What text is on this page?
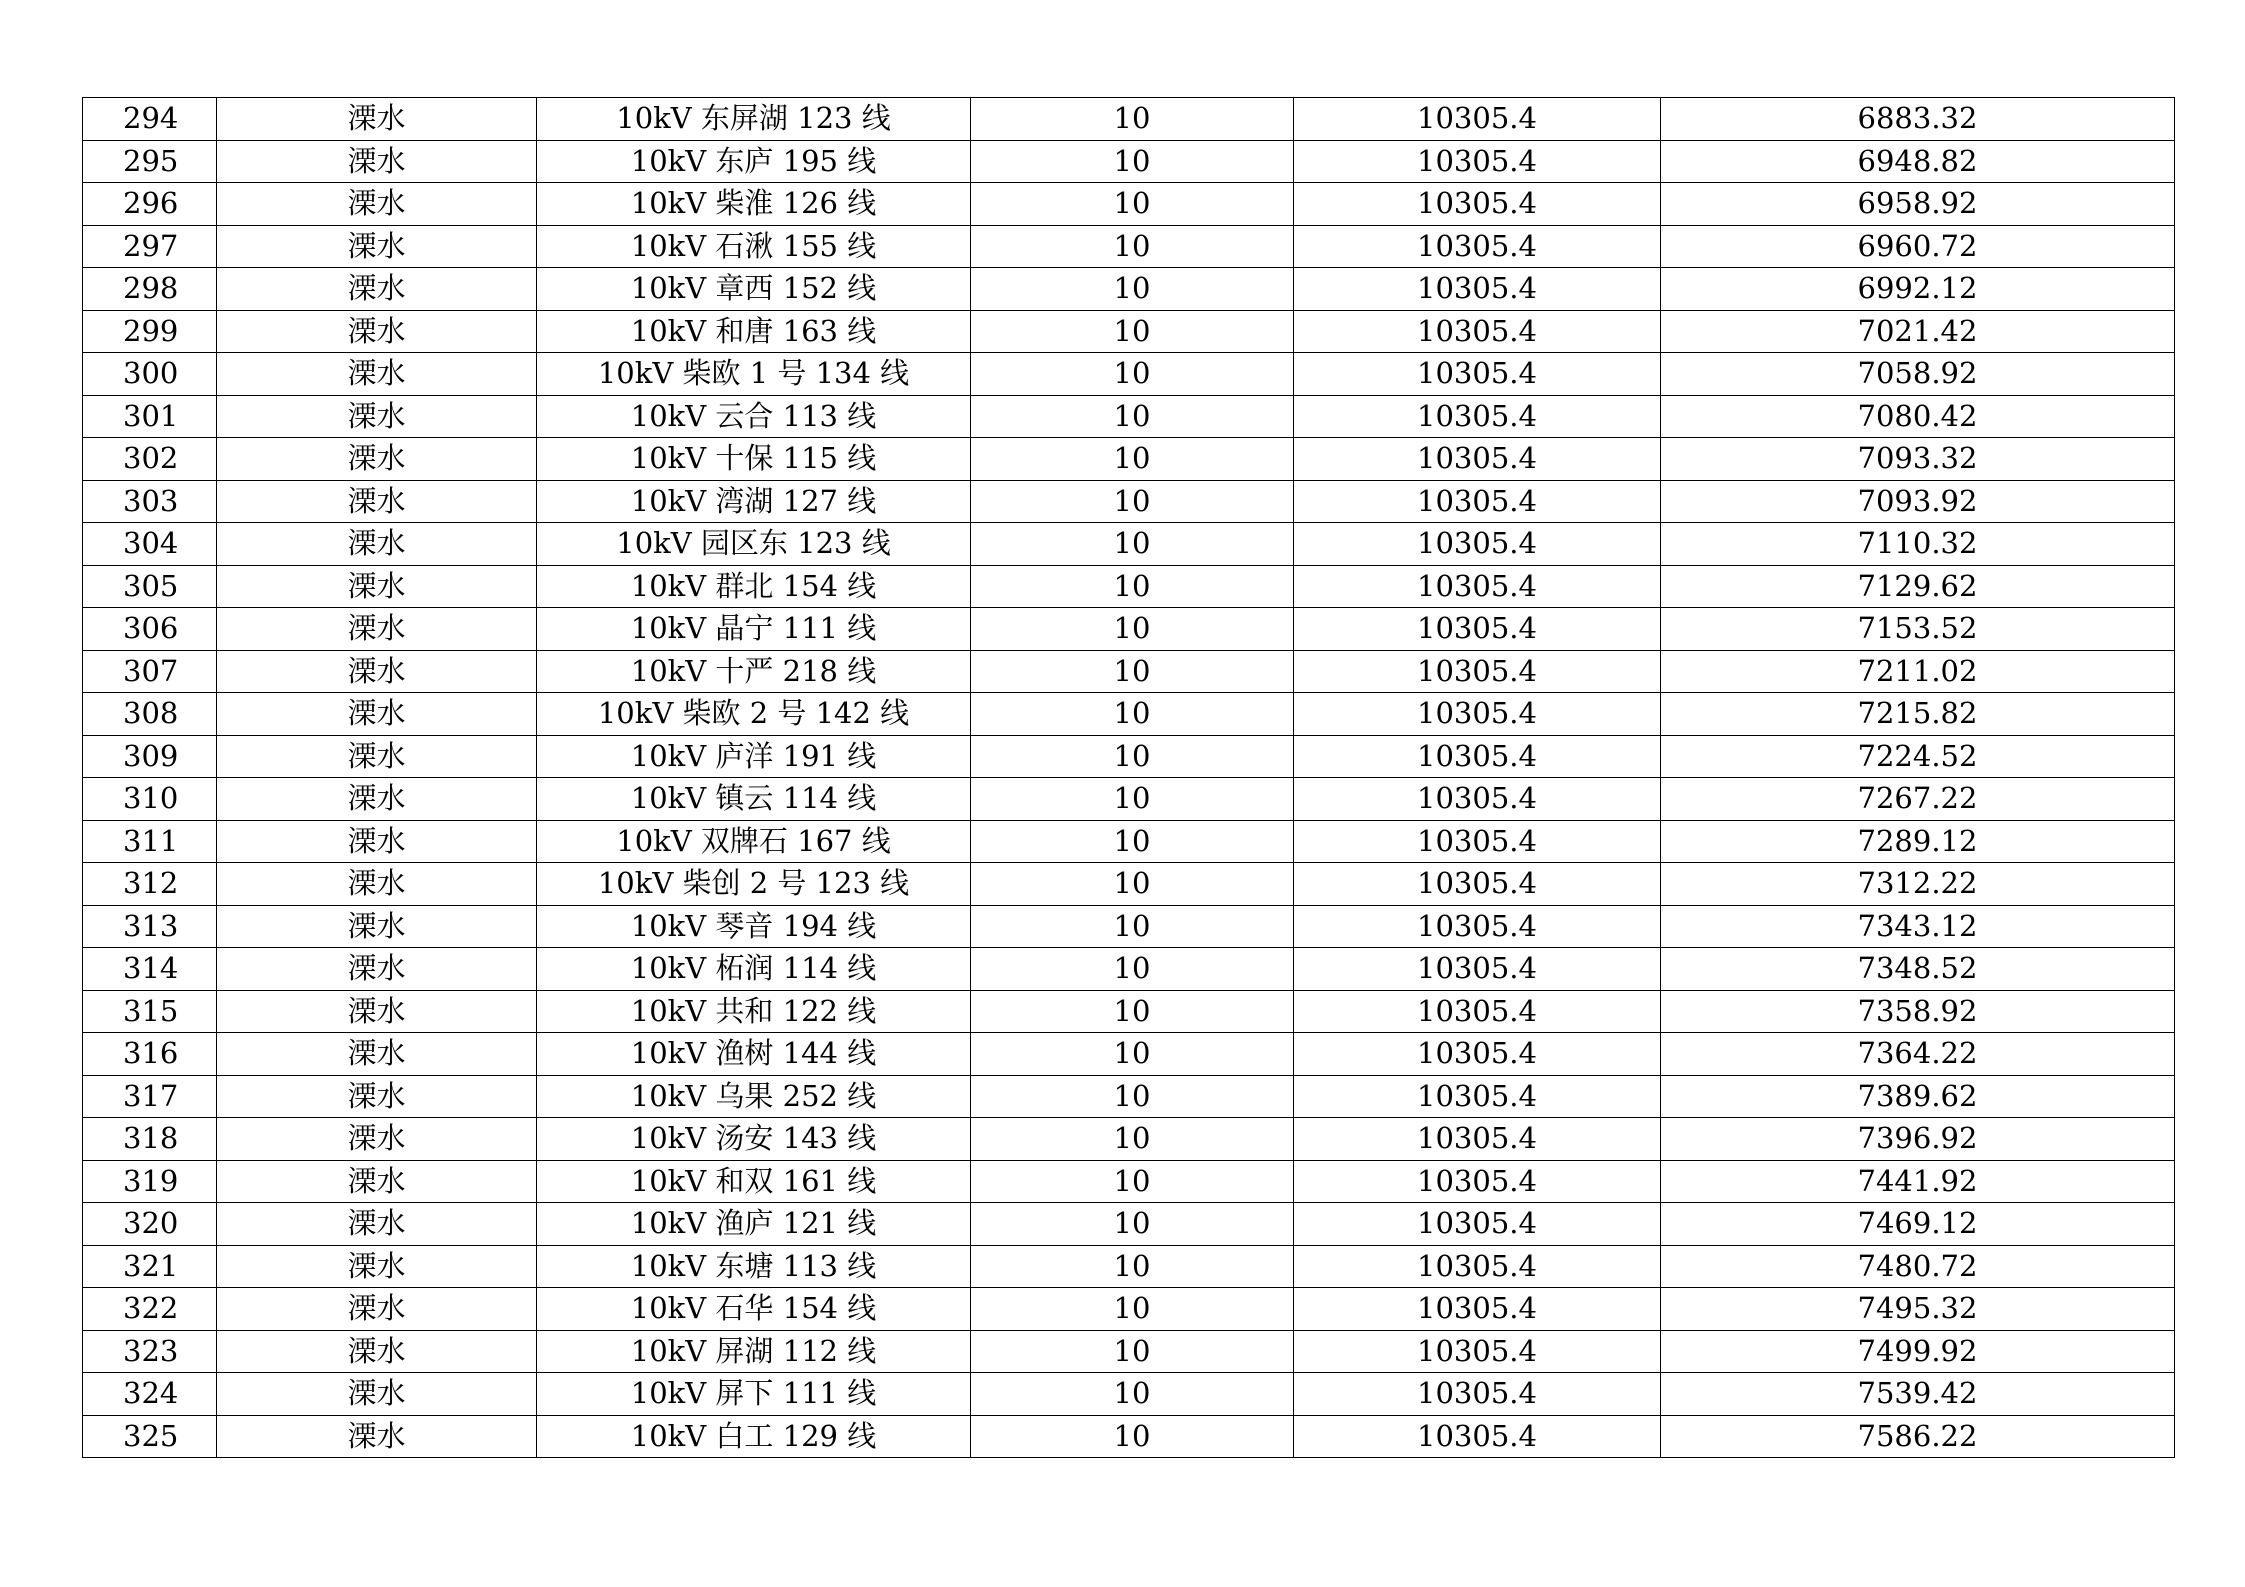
294	溧水	10kV 东屏湖 123 线	10	10305.4	6883.32
295	溧水	10kV 东庐 195 线	10	10305.4	6948.82
296	溧水	10kV 柴淮 126 线	10	10305.4	6958.92
297	溧水	10kV 石湫 155 线	10	10305.4	6960.72
298	溧水	10kV 章西 152 线	10	10305.4	6992.12
299	溧水	10kV 和唐 163 线	10	10305.4	7021.42
300	溧水	10kV 柴欧 1 号 134 线	10	10305.4	7058.92
301	溧水	10kV 云合 113 线	10	10305.4	7080.42
302	溧水	10kV 十保 115 线	10	10305.4	7093.32
303	溧水	10kV 湾湖 127 线	10	10305.4	7093.92
304	溧水	10kV 园区东 123 线	10	10305.4	7110.32
305	溧水	10kV 群北 154 线	10	10305.4	7129.62
306	溧水	10kV 晶宁 111 线	10	10305.4	7153.52
307	溧水	10kV 十严 218 线	10	10305.4	7211.02
308	溧水	10kV 柴欧 2 号 142 线	10	10305.4	7215.82
309	溧水	10kV 庐洋 191 线	10	10305.4	7224.52
310	溧水	10kV 镇云 114 线	10	10305.4	7267.22
311	溧水	10kV 双牌石 167 线	10	10305.4	7289.12
312	溧水	10kV 柴创 2 号 123 线	10	10305.4	7312.22
313	溧水	10kV 琴音 194 线	10	10305.4	7343.12
314	溧水	10kV 柘润 114 线	10	10305.4	7348.52
315	溧水	10kV 共和 122 线	10	10305.4	7358.92
316	溧水	10kV 渔树 144 线	10	10305.4	7364.22
317	溧水	10kV 乌果 252 线	10	10305.4	7389.62
318	溧水	10kV 汤安 143 线	10	10305.4	7396.92
319	溧水	10kV 和双 161 线	10	10305.4	7441.92
320	溧水	10kV 渔庐 121 线	10	10305.4	7469.12
321	溧水	10kV 东塘 113 线	10	10305.4	7480.72
322	溧水	10kV 石华 154 线	10	10305.4	7495.32
323	溧水	10kV 屏湖 112 线	10	10305.4	7499.92
324	溧水	10kV 屏下 111 线	10	10305.4	7539.42
325	溧水	10kV 白工 129 线	10	10305.4	7586.22
